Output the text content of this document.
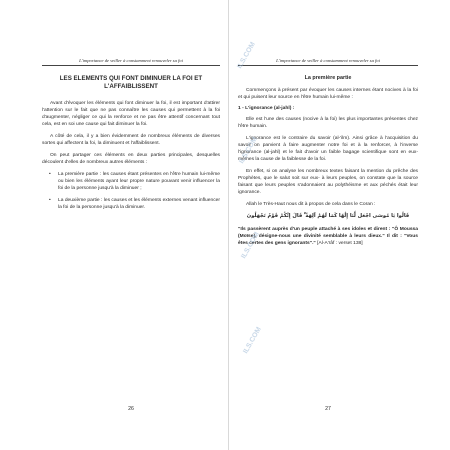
L'importance de veiller à constamment renouveler sa foi
LES ELEMENTS QUI FONT DIMINUER LA FOI ET L'AFFAIBLISSENT

Avant d'évoquer les éléments qui font diminuer la foi, il est important d'attirer l'attention sur le fait que ne pas connaître les causes qui permettent à la foi d'augmenter, négliger ce qui la renforce et ne pas être attentif concernant tout cela, est en soi une cause qui fait diminuer la foi.

A côté de cela, il y a bien évidemment de nombreux éléments de diverses sortes qui affectent la foi, la diminuent et l'affaiblissent.

On peut partager ces éléments en deux parties principales, desquelles découlent d'elles de nombreux autres éléments :

• La première partie : les causes étant présentes en l'être humain lui-même ou bien les éléments ayant leur propre nature pouvant venir influencer la foi de la personne jusqu'à la diminuer ;
• La deuxième partie : les causes et les éléments externes venant influencer la foi de la personne jusqu'à la diminuer.
26
L'importance de veiller à constamment renouveler sa foi
La première partie

Commençons à présent par évoquer les causes internes étant nocives à la foi et qui puisent leur source en l'être humain lui-même :

1 - L'ignorance (al-jahl) :

Elle est l'une des causes (nocive à la foi) les plus importantes présentes chez l'être humain.

L'ignorance est le contraire du savoir (al-'ilm). Ainsi grâce à l'acquisition du savoir on parvient à faire augmenter notre foi et à la renforcer, à l'inverse l'ignorance (al-jahl) et le fait d'avoir un faible bagage scientifique sont en eux-mêmes la cause de la faiblesse de la foi.

En effet, si on analyse les nombreux textes faisant la mention du prêche des Prophètes, que le salut soit sur eux- à leurs peuples, on constate que la source faisant que leurs peuples s'adonnaient au polythéisme et aux péchés était leur ignorance.

Allah le Très-Haut nous dit à propos de cela dans le Coran :

قَالُوا يَا مُوسَى اجْعَل لَّنَا إِلَٰهًا كَمَا لَهُمْ آلِهَةٌ ۚ قَالَ إِنَّكُمْ قَوْمٌ تَجْهَلُونَ
"Ils passèrent auprès d'un peuple attaché à ses idoles et dirent : "Ô Moussa (Moïse), désigne-nous une divinité semblable à leurs dieux." Il dit : "Vous êtes certes des gens ignorants"." [Al-A'râf : verset 138]
27
ILS.COM
ILS.COM
ILS.COM
ILS.COM
